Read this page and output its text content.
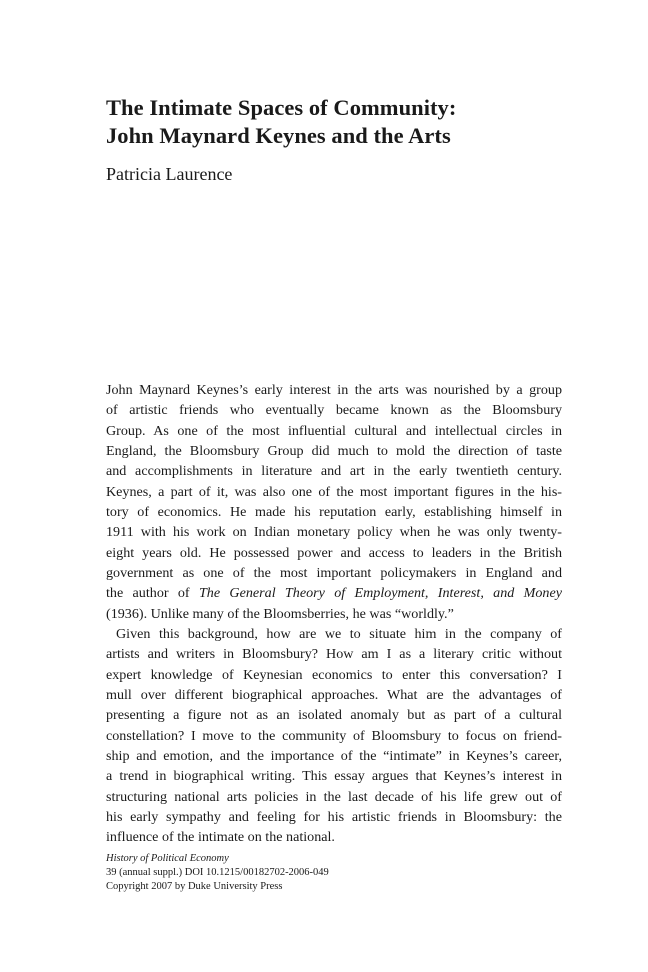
The Intimate Spaces of Community:
John Maynard Keynes and the Arts

Patricia Laurence

John Maynard Keynes’s early interest in the arts was nourished by a group
of artistic friends who eventually became known as the Bloomsbury
Group. As one of the most influential cultural and intellectual circles in
England, the Bloomsbury Group did much to mold the direction of taste
and accomplishments in literature and art in the early twentieth century.
Keynes, a part of it, was also one of the most important figures in the his-
tory of economics. He made his reputation early, establishing himself in
1911 with his work on Indian monetary policy when he was only twenty-
eight years old. He possessed power and access to leaders in the British
government as one of the most important policymakers in England and
the author of The General Theory of Employment, Interest, and Money
(1936). Unlike many of the Bloomsberries, he was “worldly.”
Given this background, how are we to situate him in the company of
artists and writers in Bloomsbury? How am I as a literary critic without
expert knowledge of Keynesian economics to enter this conversation? I
mull over different biographical approaches. What are the advantages of
presenting a figure not as an isolated anomaly but as part of a cultural
constellation? I move to the community of Bloomsbury to focus on friend-
ship and emotion, and the importance of the “intimate” in Keynes’s career,
a trend in biographical writing. This essay argues that Keynes’s interest in
structuring national arts policies in the last decade of his life grew out of
his early sympathy and feeling for his artistic friends in Bloomsbury: the
influence of the intimate on the national.
History of Political Economy
39 (annual suppl.) DOI 10.1215/00182702-2006-049
Copyright 2007 by Duke University Press
